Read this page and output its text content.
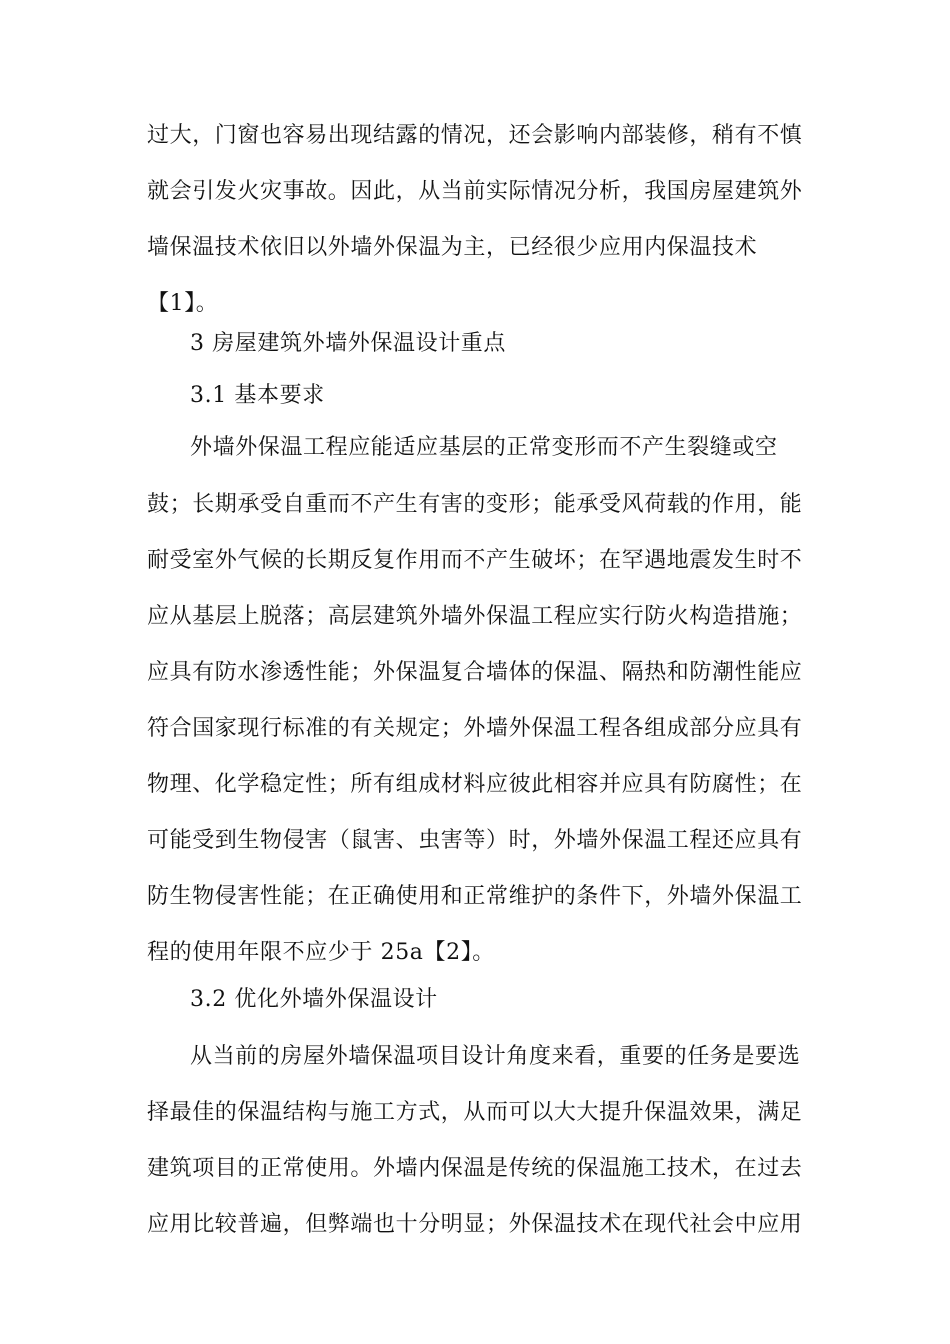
过大，门窗也容易出现结露的情况，还会影响内部装修，稍有不慎
就会引发火灾事故。因此，从当前实际情况分析，我国房屋建筑外
墙保温技术依旧以外墙外保温为主，已经很少应用内保温技术
【1】。
3 房屋建筑外墙外保温设计重点
3.1 基本要求
外墙外保温工程应能适应基层的正常变形而不产生裂缝或空
鼓；长期承受自重而不产生有害的变形；能承受风荷载的作用，能
耐受室外气候的长期反复作用而不产生破坏；在罕遇地震发生时不
应从基层上脱落；高层建筑外墙外保温工程应实行防火构造措施；
应具有防水渗透性能；外保温复合墙体的保温、隔热和防潮性能应
符合国家现行标准的有关规定；外墙外保温工程各组成部分应具有
物理、化学稳定性；所有组成材料应彼此相容并应具有防腐性；在
可能受到生物侵害（鼠害、虫害等）时，外墙外保温工程还应具有
防生物侵害性能；在正确使用和正常维护的条件下，外墙外保温工
程的使用年限不应少于 25a【2】。
3.2 优化外墙外保温设计
从当前的房屋外墙保温项目设计角度来看，重要的任务是要选
择最佳的保温结构与施工方式，从而可以大大提升保温效果，满足
建筑项目的正常使用。外墙内保温是传统的保温施工技术，在过去
应用比较普遍，但弊端也十分明显；外保温技术在现代社会中应用
